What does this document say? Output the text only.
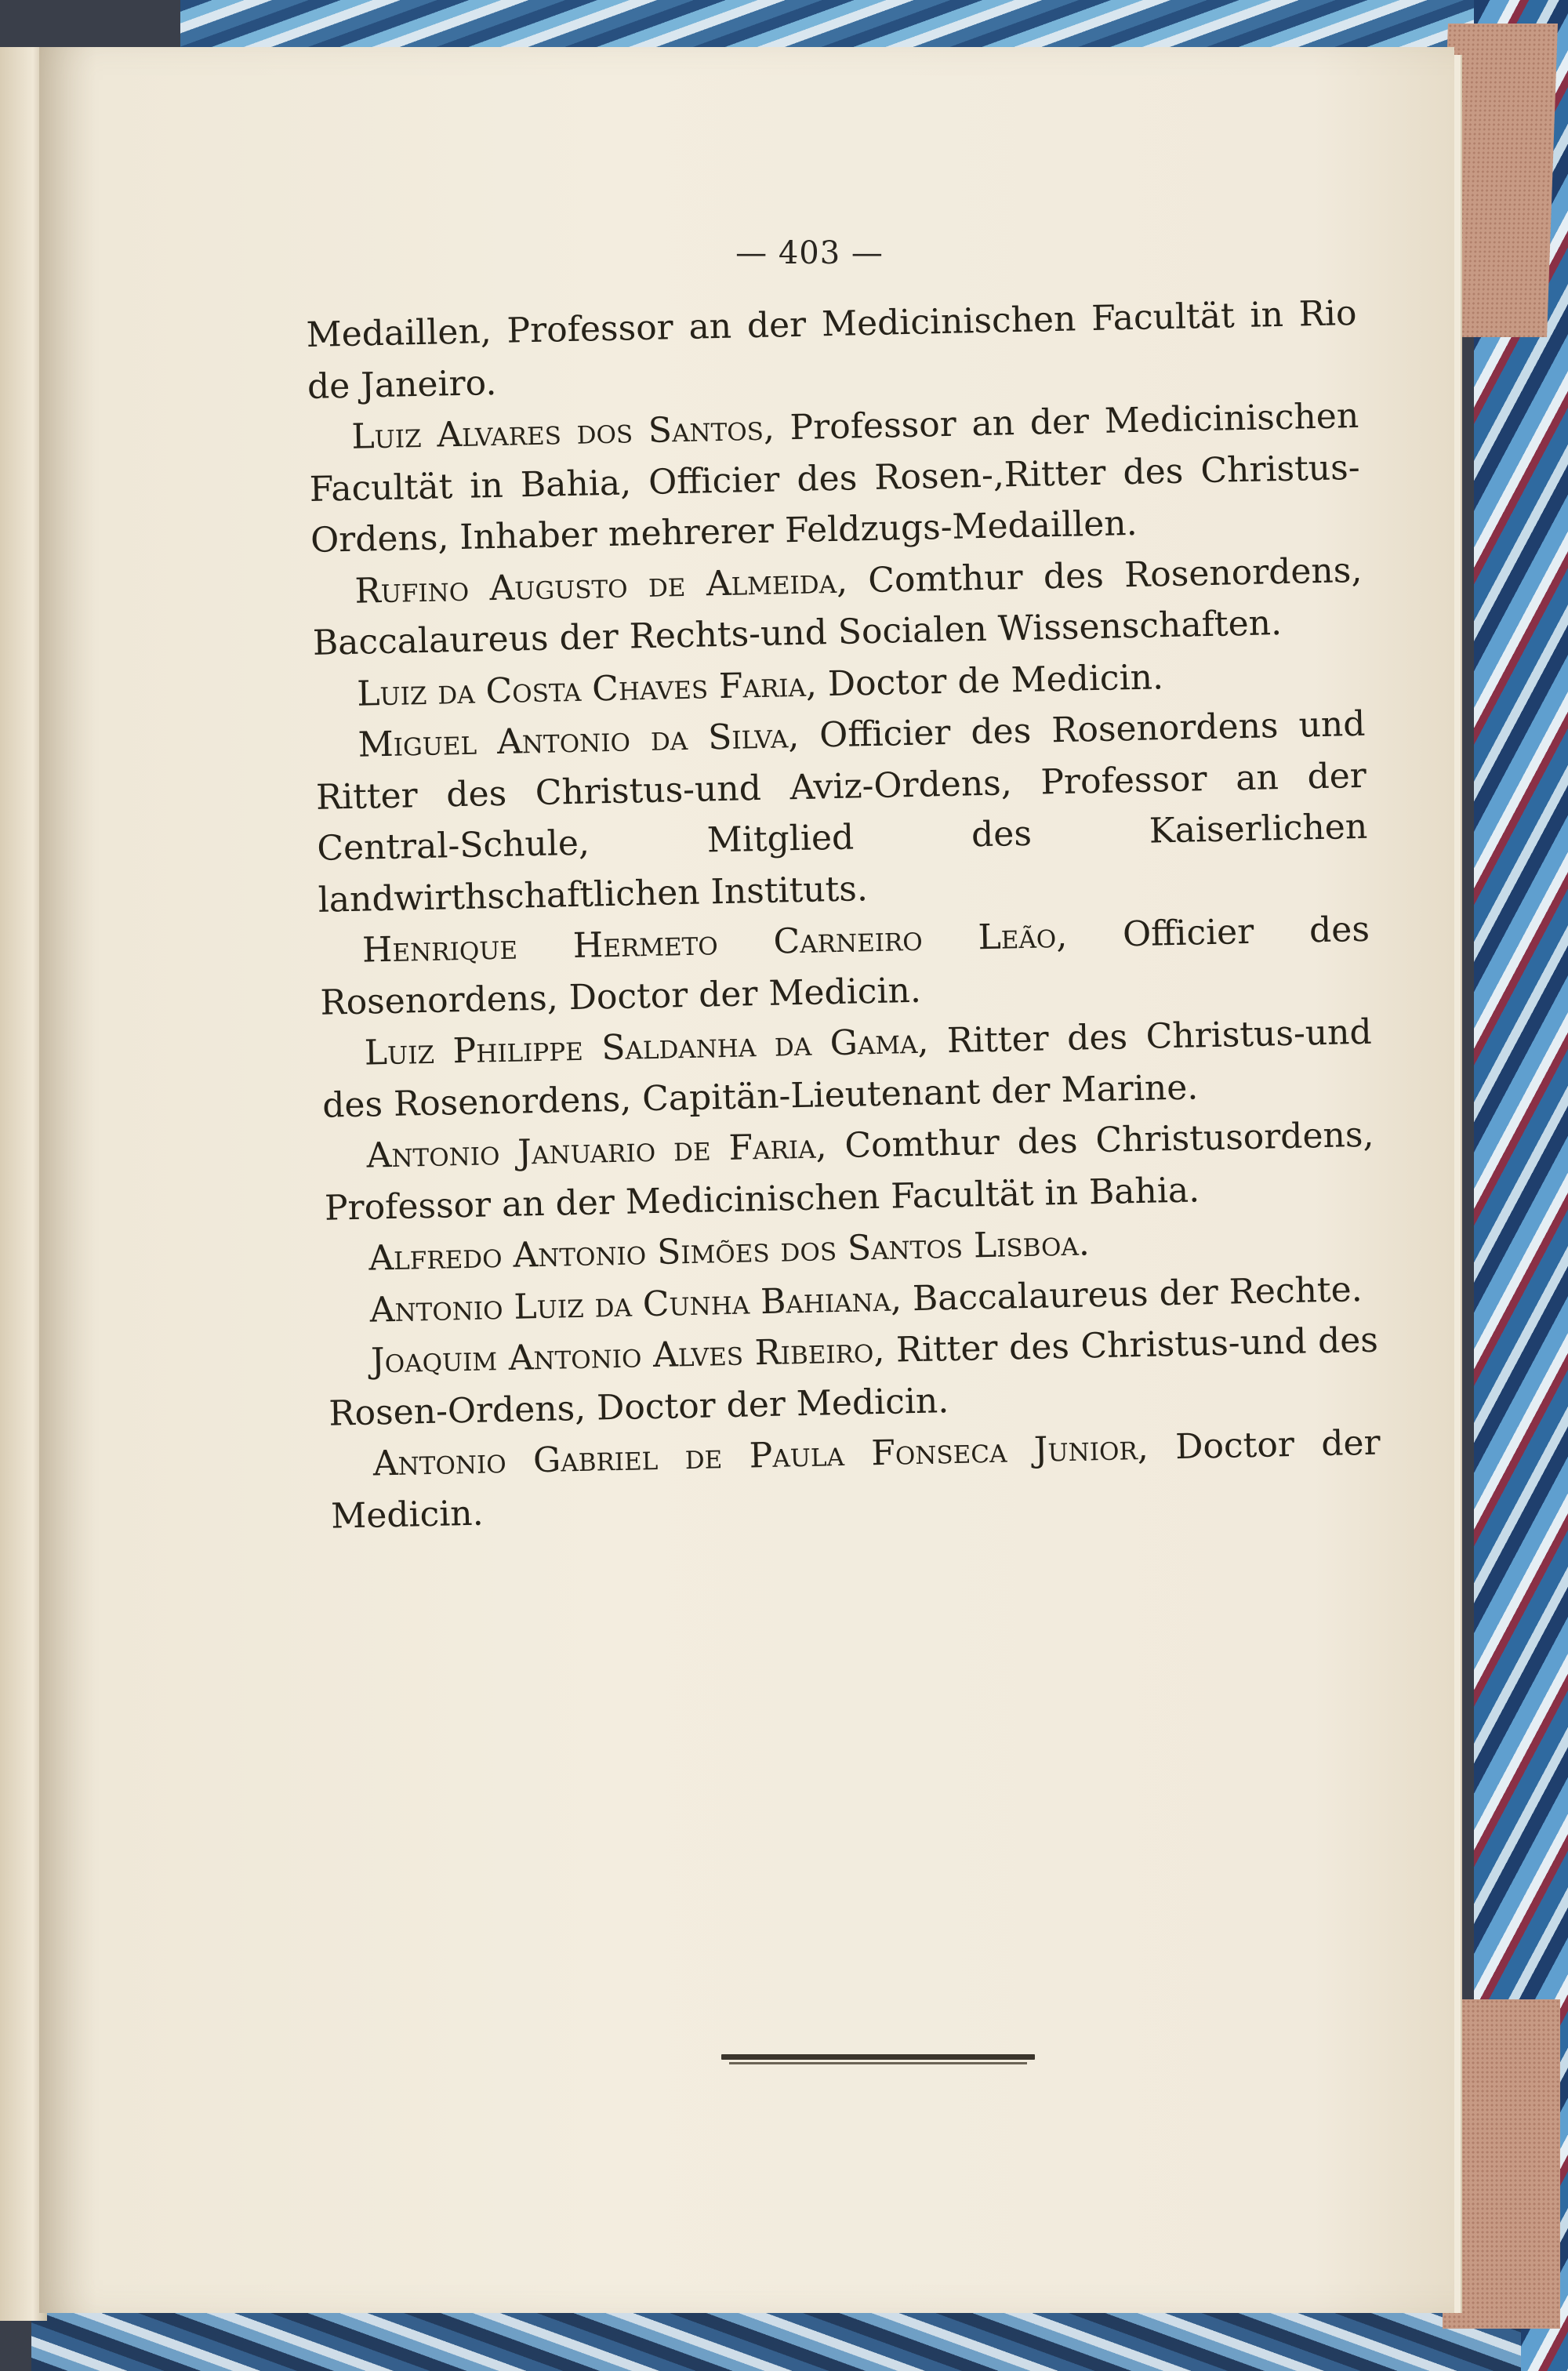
— 403 —

Medaillen, Professor an der Medicinischen Facultät in Rio de Janeiro.

Luiz Alvares dos Santos, Professor an der Medicinischen Facultät in Bahia, Officier des Rosen-,Ritter des Christus-Ordens, Inhaber mehrerer Feldzugs-Medaillen.

Rufino Augusto de Almeida, Comthur des Rosenordens, Baccalaureus der Rechts-und Socialen Wissenschaften.

Luiz da Costa Chaves Faria, Doctor de Medicin.

Miguel Antonio da Silva, Officier des Rosenordens und Ritter des Christus-und Aviz-Ordens, Professor an der Central-Schule, Mitglied des Kaiserlichen landwirthschaftlichen Instituts.

Henrique Hermeto Carneiro Leão, Officier des Rosenordens, Doctor der Medicin.

Luiz Philippe Saldanha da Gama, Ritter des Christus-und des Rosenordens, Capitän-Lieutenant der Marine.

Antonio Januario de Faria, Comthur des Christusordens, Professor an der Medicinischen Facultät in Bahia.

Alfredo Antonio Simões dos Santos Lisboa.

Antonio Luiz da Cunha Bahiana, Baccalaureus der Rechte.

Joaquim Antonio Alves Ribeiro, Ritter des Christus-und des Rosen-Ordens, Doctor der Medicin.

Antonio Gabriel de Paula Fonseca Junior, Doctor der Medicin.
